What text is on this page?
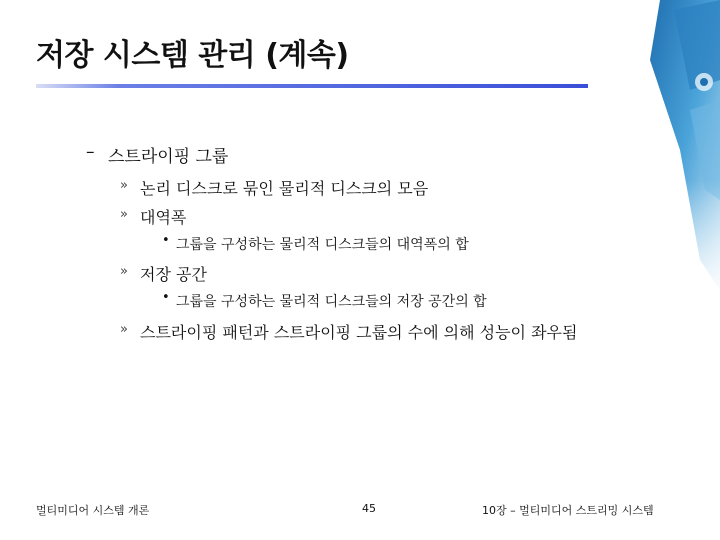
저장 시스템 관리 (계속)
– 스트라이핑 그룹
» 논리 디스크로 묶인 물리적 디스크의 모음
» 대역폭
• 그룹을 구성하는 물리적 디스크들의 대역폭의 합
» 저장 공간
• 그룹을 구성하는 물리적 디스크들의 저장 공간의 합
» 스트라이핑 패턴과 스트라이핑 그룹의 수에 의해 성능이 좌우됨
멀티미디어 시스템 개론	45	10장 – 멀티미디어 스트리밍 시스템
